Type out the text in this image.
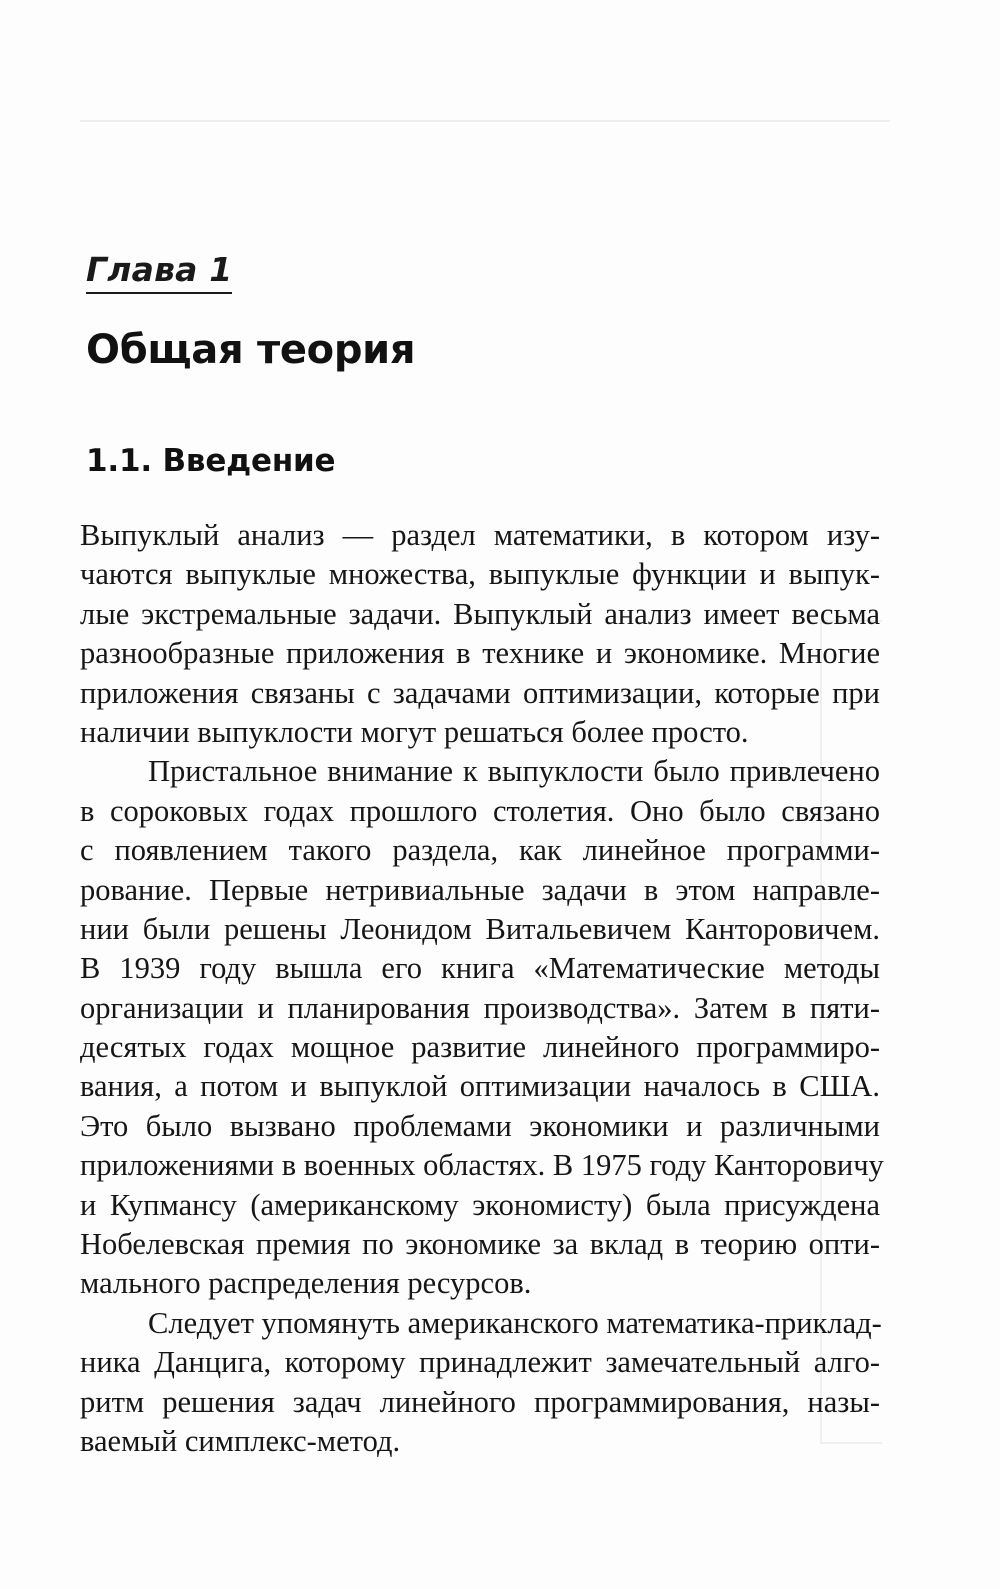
Глава 1
Общая теория
1.1. Введение
Выпуклый анализ — раздел математики, в котором изу-
чаются выпуклые множества, выпуклые функции и выпук-
лые экстремальные задачи. Выпуклый анализ имеет весьма
разнообразные приложения в технике и экономике. Многие
приложения связаны с задачами оптимизации, которые при
наличии выпуклости могут решаться более просто.
Пристальное внимание к выпуклости было привлечено
в сороковых годах прошлого столетия. Оно было связано
с появлением такого раздела, как линейное программи-
рование. Первые нетривиальные задачи в этом направле-
нии были решены Леонидом Витальевичем Канторовичем.
В 1939 году вышла его книга «Математические методы
организации и планирования производства». Затем в пяти-
десятых годах мощное развитие линейного программиро-
вания, а потом и выпуклой оптимизации началось в США.
Это было вызвано проблемами экономики и различными
приложениями в военных областях. В 1975 году Канторовичу
и Купмансу (американскому экономисту) была присуждена
Нобелевская премия по экономике за вклад в теорию опти-
мального распределения ресурсов.
Следует упомянуть американского математика-приклад-
ника Данцига, которому принадлежит замечательный алго-
ритм решения задач линейного программирования, назы-
ваемый симплекс-метод.
